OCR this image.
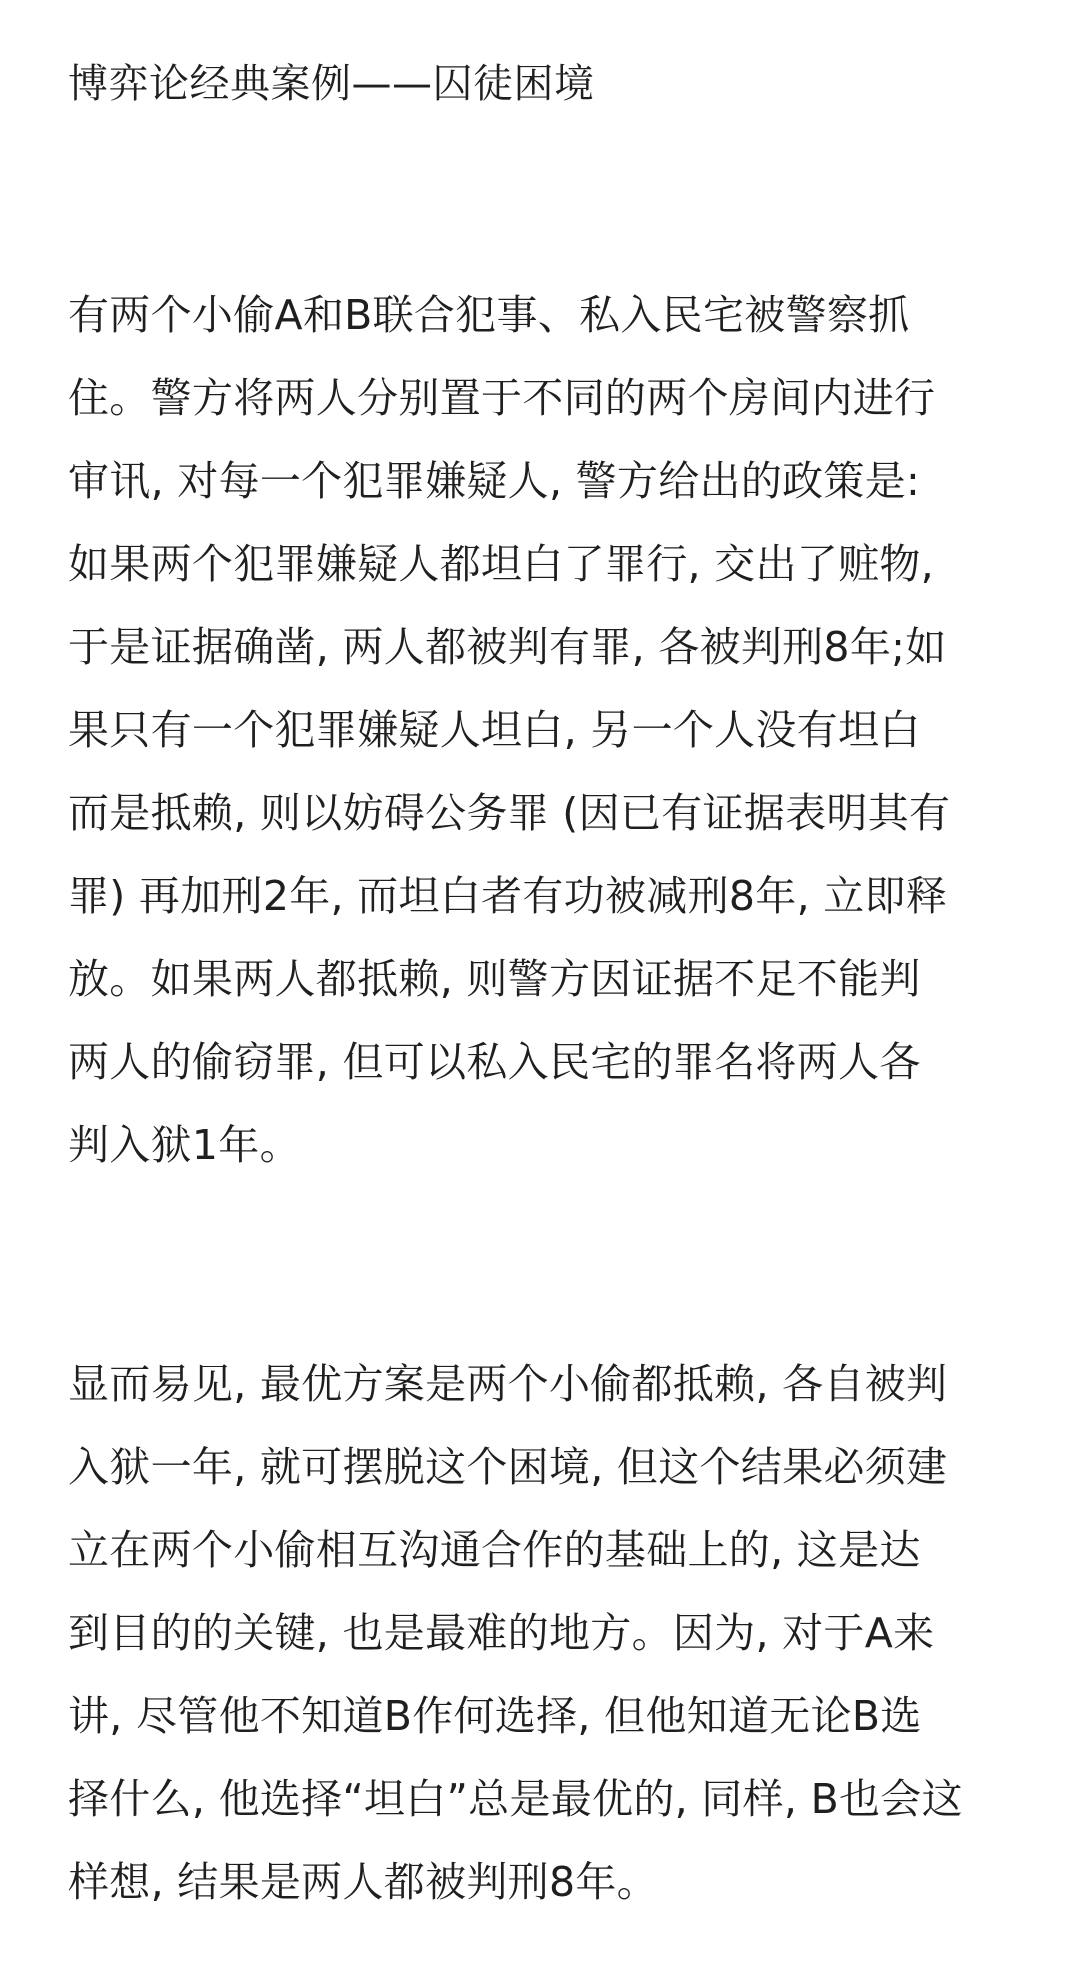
博弈论经典案例——囚徒困境
有两个小偷A和B联合犯事、私入民宅被警察抓
住。警方将两人分别置于不同的两个房间内进行
审讯, 对每一个犯罪嫌疑人, 警方给出的政策是:
如果两个犯罪嫌疑人都坦白了罪行, 交出了赃物,
于是证据确凿, 两人都被判有罪, 各被判刑8年;如
果只有一个犯罪嫌疑人坦白, 另一个人没有坦白
而是抵赖, 则以妨碍公务罪 (因已有证据表明其有
罪) 再加刑2年, 而坦白者有功被减刑8年, 立即释
放。如果两人都抵赖, 则警方因证据不足不能判
两人的偷窃罪, 但可以私入民宅的罪名将两人各
判入狱1年。
显而易见, 最优方案是两个小偷都抵赖, 各自被判
入狱一年, 就可摆脱这个困境, 但这个结果必须建
立在两个小偷相互沟通合作的基础上的, 这是达
到目的的关键, 也是最难的地方。因为, 对于A来
讲, 尽管他不知道B作何选择, 但他知道无论B选
择什么, 他选择“坦白”总是最优的, 同样, B也会这
样想, 结果是两人都被判刑8年。
